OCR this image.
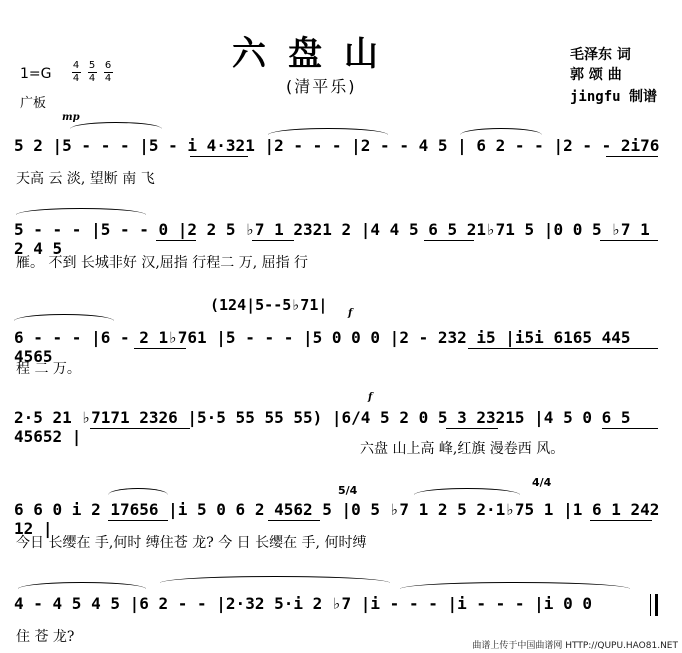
六盘山
(清平乐)
1=G
4
4
5
4
6
4
广板
毛泽东 词
郭 颂 曲
jingfu 制谱
mp
f
f
5/4
4/4
5 2 |5 - - - |5 - i 4·321 |2 - - - |2 - - 4 5 | 6 2 - - |2 - - 2i76
天高 云 淡, 望断 南 飞
5 - - - |5 - - 0 |2 2 5 ♭7 1 2321 2 |4 4 5 6 5 21♭71 5 |0 0 5 ♭7 1 2 4 5
雁。 不到 长城非好 汉,屈指 行程二 万, 屈指 行
6 - - - |6 - 2 1♭761 |5 - - - |5 0 0 0 |2 - 232 i5 |i5i 6165 445 4565
(124|5--5♭71|
程 二 万。
2·5 21 ♭7171 2326 |5·5 55 55 55) |6/4 5 2 0 5 3 23215 |4 5 0 6 5 45652 |
六盘 山上高 峰,红旗 漫卷西 风。
6 6 0 i 2 17656 |i 5 0 6 2 4562 5 |0 5 ♭7 1 2 5 2·1♭75 1 |1 6 1 242 12 |
今日 长缨在 手,何时 缚住苍 龙? 今 日 长缨在 手, 何时缚
4 - 4 5 4 5 |6 2 - - |2·32 5·i 2 ♭7 |i - - - |i - - - |i 0 0
住 苍 龙?
曲谱上传于中国曲谱网 HTTP://QUPU.HAO81.NET
